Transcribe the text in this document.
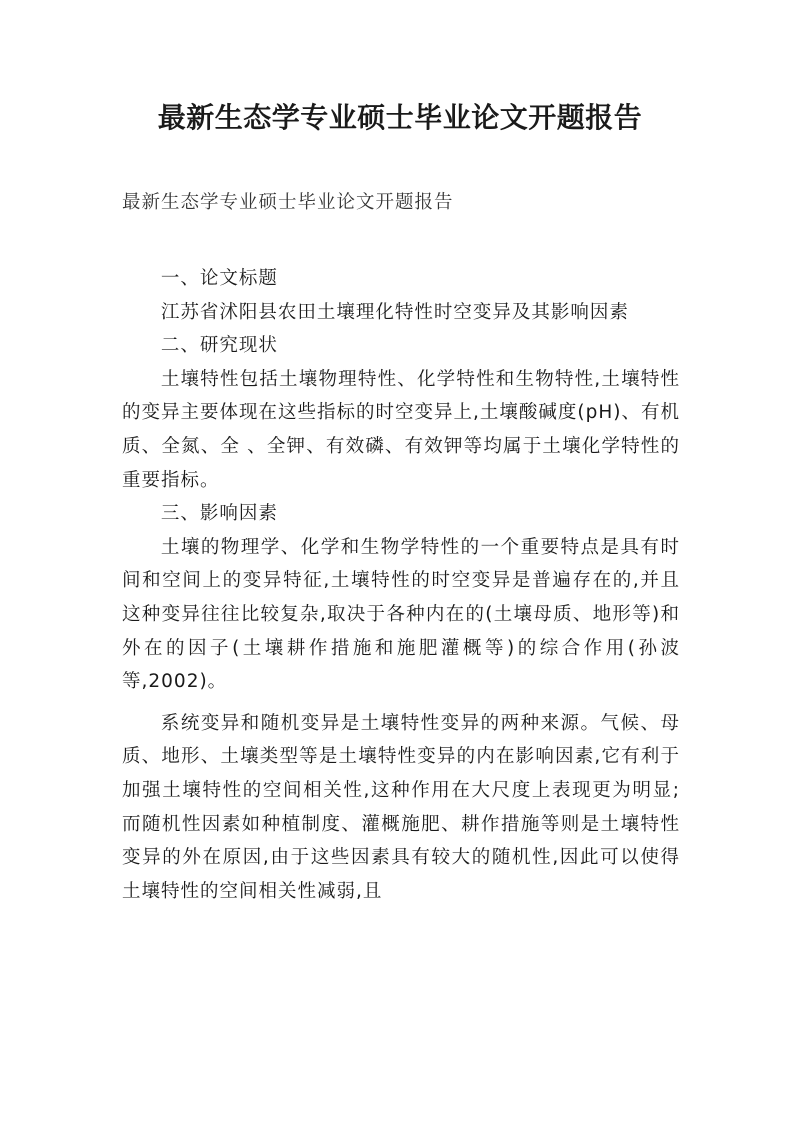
最新生态学专业硕士毕业论文开题报告
最新生态学专业硕士毕业论文开题报告

一、论文标题

江苏省沭阳县农田土壤理化特性时空变异及其影响因素

二、研究现状

土壤特性包括土壤物理特性、化学特性和生物特性,土壤特性的变异主要体现在这些指标的时空变异上,土壤酸碱度(pH)、有机质、全氮、全 、全钾、有效磷、有效钾等均属于土壤化学特性的重要指标。

三、影响因素

土壤的物理学、化学和生物学特性的一个重要特点是具有时间和空间上的变异特征,土壤特性的时空变异是普遍存在的,并且这种变异往往比较复杂,取决于各种内在的(土壤母质、地形等)和外在的因子(土壤耕作措施和施肥灌概等)的综合作用(孙波等,2002)。

系统变异和随机变异是土壤特性变异的两种来源。气候、母质、地形、土壤类型等是土壤特性变异的内在影响因素,它有利于加强土壤特性的空间相关性,这种作用在大尺度上表现更为明显;而随机性因素如种植制度、灌概施肥、耕作措施等则是土壤特性变异的外在原因,由于这些因素具有较大的随机性,因此可以使得土壤特性的空间相关性减弱,且
